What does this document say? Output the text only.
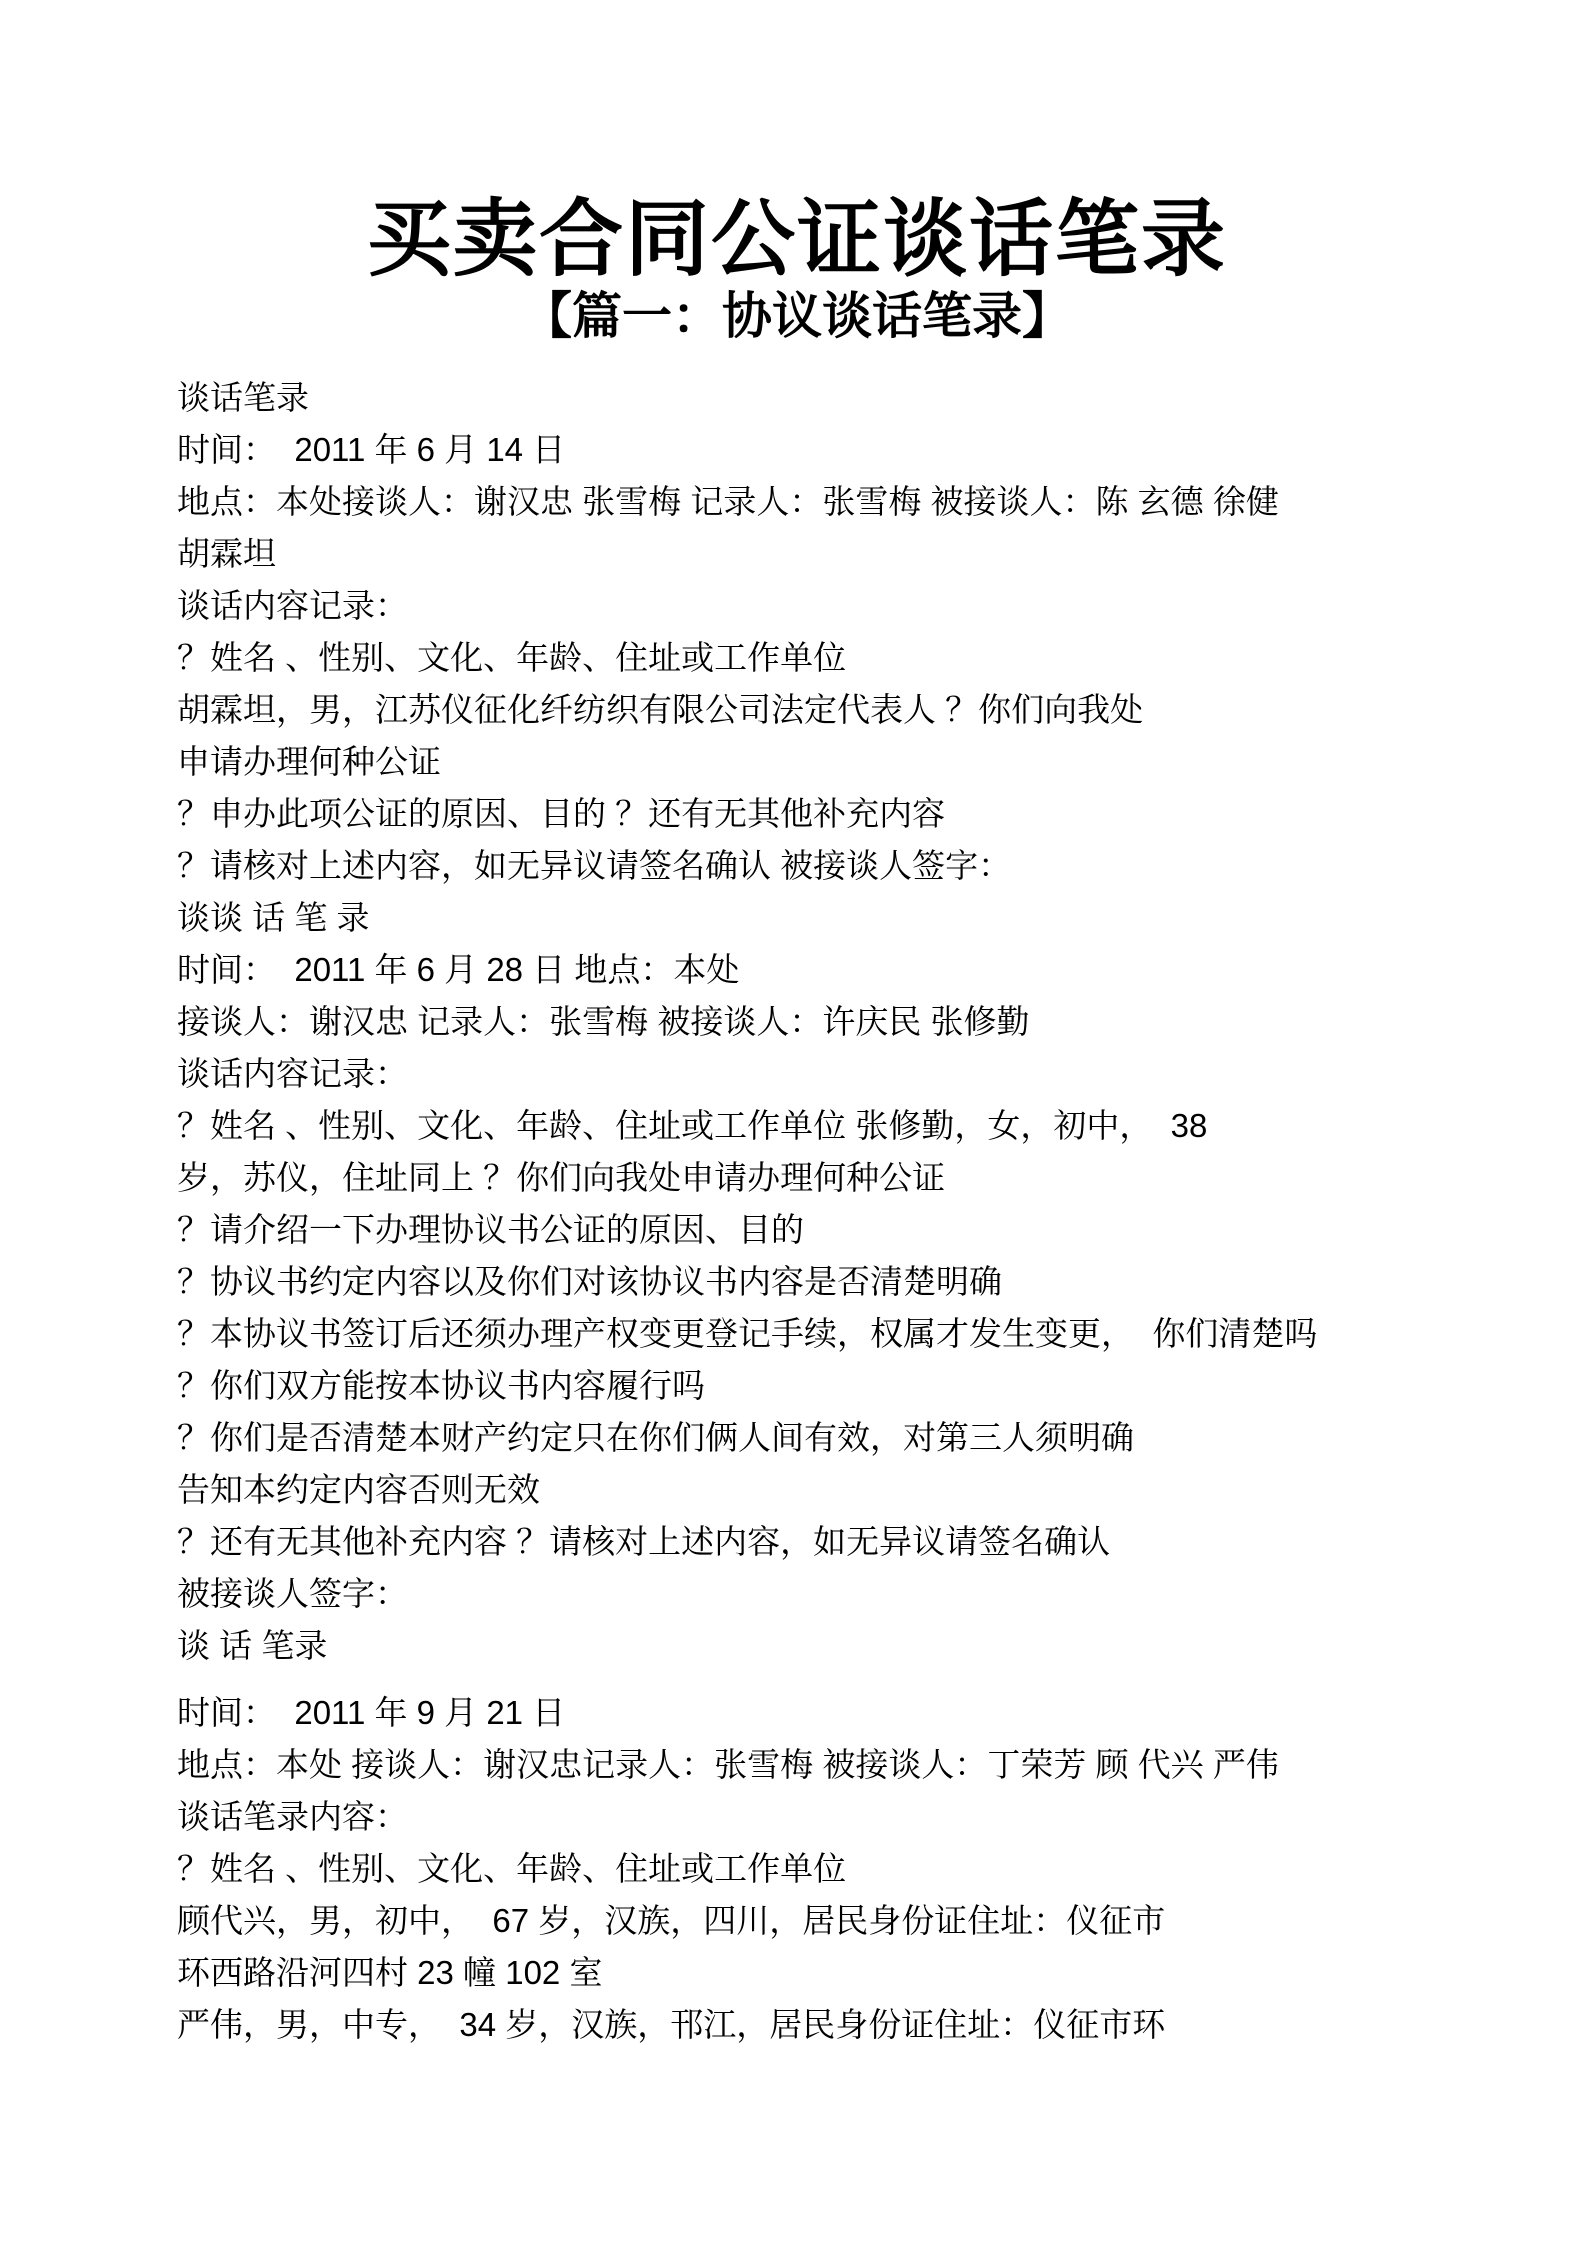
买卖合同公证谈话笔录
【篇一：协议谈话笔录】
谈话笔录
时间：  2011 年 6 月 14 日
地点：本处接谈人：谢汉忠 张雪梅 记录人：张雪梅 被接谈人：陈 玄德 徐健
胡霖坦
谈话内容记录：
？姓名 、性别、文化、年龄、住址或工作单位
胡霖坦，男，江苏仪征化纤纺织有限公司法定代表人 ？你们向我处
申请办理何种公证
？申办此项公证的原因、目的 ？还有无其他补充内容
？请核对上述内容，如无异议请签名确认 被接谈人签字：
谈谈 话 笔 录
时间：  2011 年 6 月 28 日 地点：本处
接谈人：谢汉忠 记录人：张雪梅 被接谈人：许庆民 张修勤
谈话内容记录：
？姓名 、性别、文化、年龄、住址或工作单位 张修勤，女，初中，  38
岁，苏仪，住址同上 ？你们向我处申请办理何种公证
？请介绍一下办理协议书公证的原因、目的
？协议书约定内容以及你们对该协议书内容是否清楚明确
？本协议书签订后还须办理产权变更登记手续，权属才发生变更，  你们清楚吗
？你们双方能按本协议书内容履行吗
？你们是否清楚本财产约定只在你们俩人间有效，对第三人须明确
告知本约定内容否则无效
？还有无其他补充内容 ？请核对上述内容，如无异议请签名确认
被接谈人签字：
谈 话 笔录
时间：  2011 年 9 月 21 日
地点：本处 接谈人：谢汉忠记录人：张雪梅 被接谈人：丁荣芳 顾 代兴 严伟
谈话笔录内容：
？姓名 、性别、文化、年龄、住址或工作单位
顾代兴，男，初中，  67 岁，汉族，四川，居民身份证住址：仪征市
环西路沿河四村 23 幢 102 室
严伟，男，中专，  34 岁，汉族，邗江，居民身份证住址：仪征市环
